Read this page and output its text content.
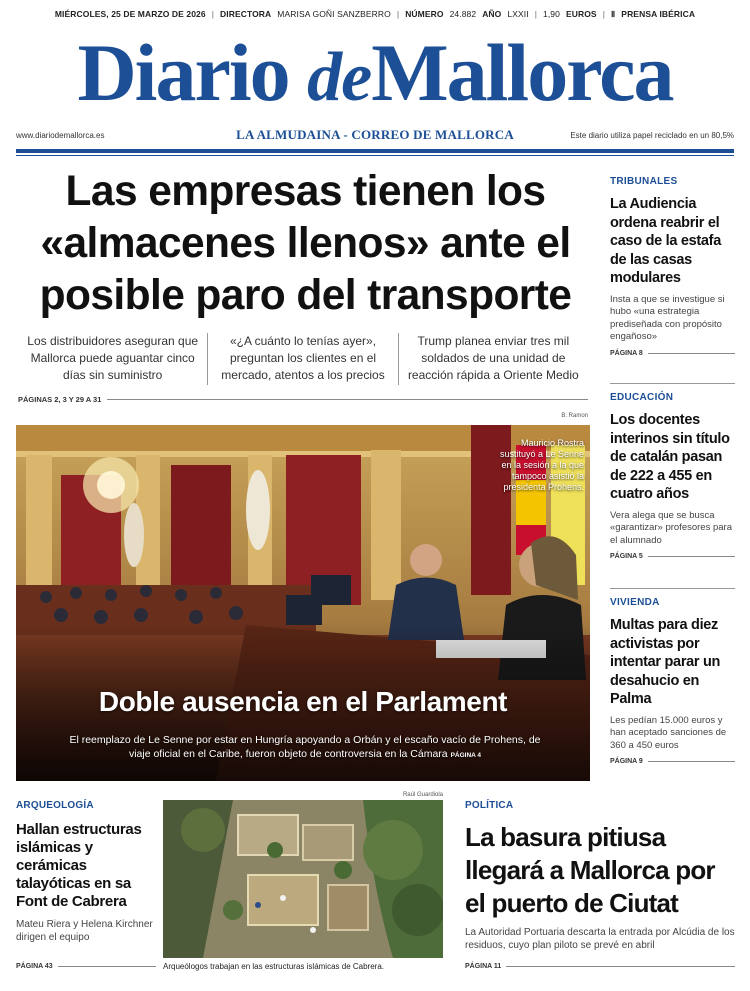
MIÉRCOLES, 25 DE MARZO DE 2026 | DIRECTORA MARISA GOÑI SANZBERRO | NÚMERO 24.882 AÑO LXXII | 1,90 EUROS | Ⅱ PRENSA IBÉRICA
Diario deMallorca
www.diariodemallorca.es	LA ALMUDAINA - CORREO DE MALLORCA	Este diario utiliza papel reciclado en un 80,5%
Las empresas tienen los «almacenes llenos» ante el posible paro del transporte
Los distribuidores aseguran que Mallorca puede aguantar cinco días sin suministro
«¿A cuánto lo tenías ayer», preguntan los clientes en el mercado, atentos a los precios
Trump planea enviar tres mil soldados de una unidad de reacción rápida a Oriente Medio
PÁGINAS 2, 3 Y 29 A 31
B. Ramon
Mauricio Rostra sustituyó a Le Senne en la sesión a la que tampoco asistió la presidenta Prohens.
Doble ausencia en el Parlament
El reemplazo de Le Senne por estar en Hungría apoyando a Orbán y el escaño vacío de Prohens, de viaje oficial en el Caribe, fueron objeto de controversia en la Cámara PÁGINA 4
TRIBUNALES
La Audiencia ordena reabrir el caso de la estafa de las casas modulares
Insta a que se investigue si hubo «una estrategia prediseñada con propósito engañoso»
PÁGINA 8
EDUCACIÓN
Los docentes interinos sin título de catalán pasan de 222 a 455 en cuatro años
Vera alega que se busca «garantizar» profesores para el alumnado
PÁGINA 5
VIVIENDA
Multas para diez activistas por intentar parar un desahucio en Palma
Les pedían 15.000 euros y han aceptado sanciones de 360 a 450 euros
PÁGINA 9
ARQUEOLOGÍA
Hallan estructuras islámicas y cerámicas talayóticas en sa Font de Cabrera
Mateu Riera y Helena Kirchner dirigen el equipo
PÁGINA 43
Raúl Guardiola
Arqueólogos trabajan en las estructuras islámicas de Cabrera.
POLÍTICA
La basura pitiusa llegará a Mallorca por el puerto de Ciutat
La Autoridad Portuaria descarta la entrada por Alcúdia de los residuos, cuyo plan piloto se prevé en abril
PÁGINA 11
